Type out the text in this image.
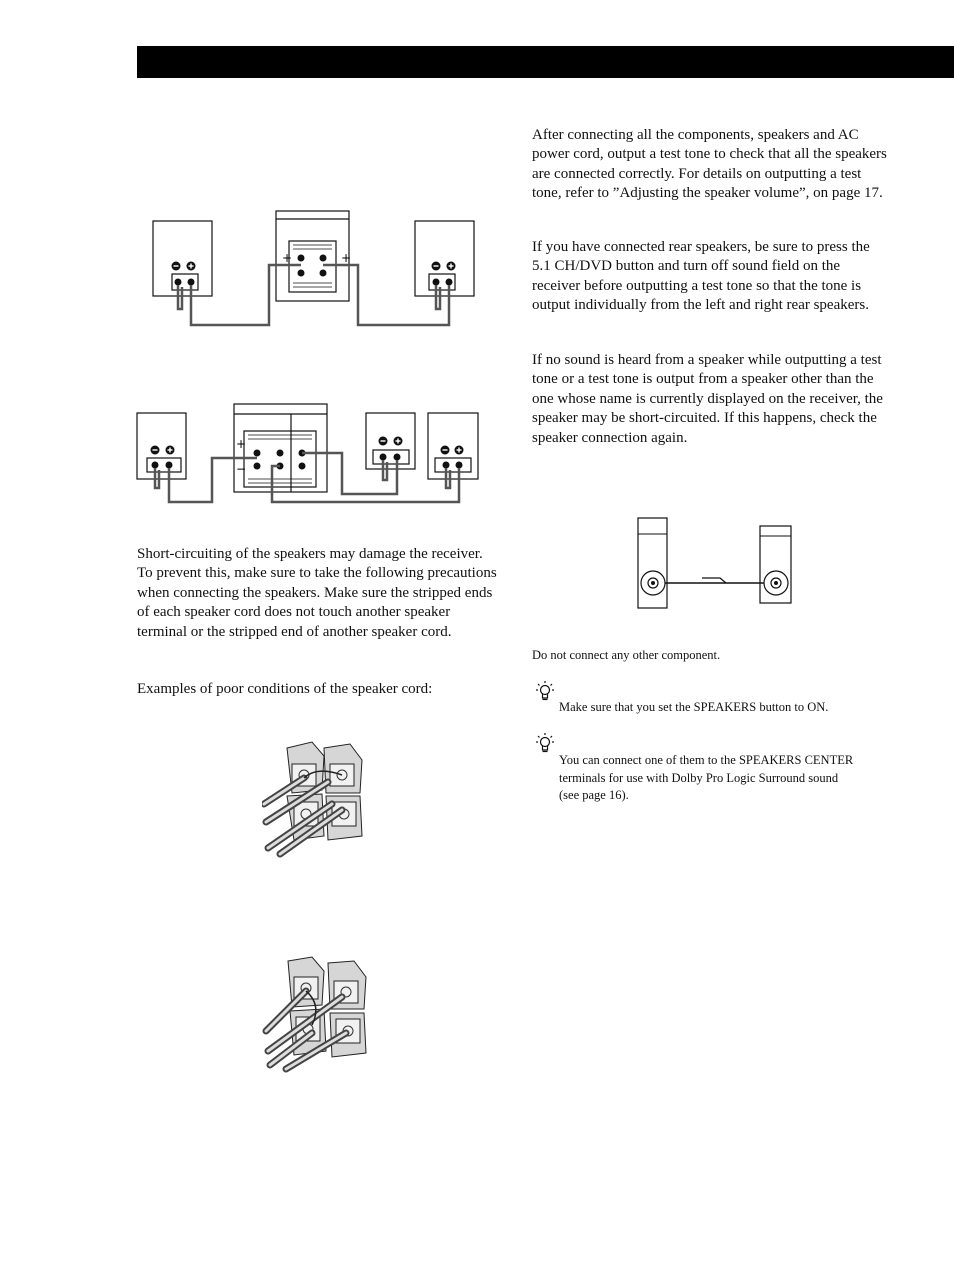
+	+
+
−

Short-circuiting of the speakers may damage the receiver. To prevent this, make sure to take the following precautions when connecting the speakers. Make sure the stripped ends of each speaker cord does not touch another speaker terminal or the stripped end of another speaker cord.

Examples of poor conditions of the speaker cord:

After connecting all the components, speakers and AC power cord, output a test tone to check that all the speakers are connected correctly. For details on outputting a test tone, refer to ”Adjusting the speaker volume”, on page 17.

If you have connected rear speakers, be sure to press the 5.1 CH/DVD button and turn off sound field on the receiver before outputting a test tone so that the tone is output individually from the left and right rear speakers.

If no sound is heard from a speaker while outputting a test tone or a test tone is output from a speaker other than the one whose name is currently displayed on the receiver, the speaker may be short-circuited. If this happens, check the speaker connection again.

Do not connect any other component.

Make sure that you set the SPEAKERS button to ON.

You can connect one of them to the SPEAKERS CENTER terminals for use with Dolby Pro Logic Surround sound (see page 16).
